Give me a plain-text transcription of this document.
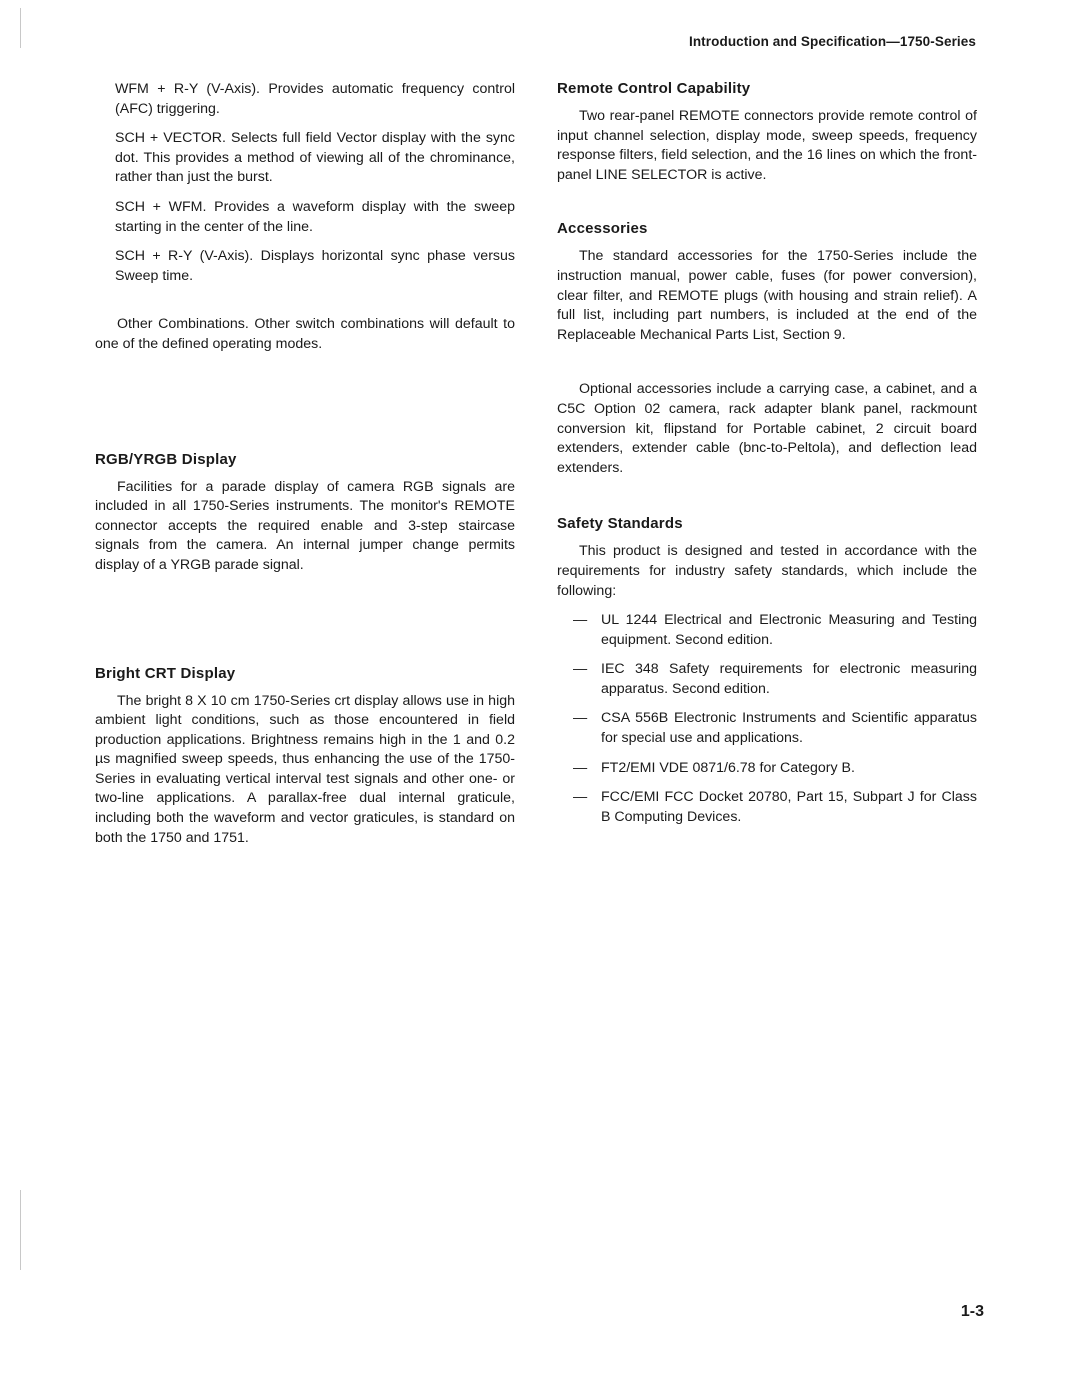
Introduction and Specification—1750-Series

WFM + R-Y (V-Axis). Provides automatic frequency control (AFC) triggering.

SCH + VECTOR. Selects full field Vector display with the sync dot. This provides a method of viewing all of the chrominance, rather than just the burst.

SCH + WFM. Provides a waveform display with the sweep starting in the center of the line.

SCH + R-Y (V-Axis). Displays horizontal sync phase versus Sweep time.

Other Combinations. Other switch combinations will default to one of the defined operating modes.

RGB/YRGB Display

Facilities for a parade display of camera RGB signals are included in all 1750-Series instruments. The monitor's REMOTE connector accepts the required enable and 3-step staircase signals from the camera. An internal jumper change permits display of a YRGB parade signal.

Bright CRT Display

The bright 8 X 10 cm 1750-Series crt display allows use in high ambient light conditions, such as those encountered in field production applications. Brightness remains high in the 1 and 0.2 µs magnified sweep speeds, thus enhancing the use of the 1750-Series in evaluating vertical interval test signals and other one- or two-line applications. A parallax-free dual internal graticule, including both the waveform and vector graticules, is standard on both the 1750 and 1751.

Remote Control Capability

Two rear-panel REMOTE connectors provide remote control of input channel selection, display mode, sweep speeds, frequency response filters, field selection, and the 16 lines on which the front-panel LINE SELECTOR is active.

Accessories

The standard accessories for the 1750-Series include the instruction manual, power cable, fuses (for power conversion), clear filter, and REMOTE plugs (with housing and strain relief). A full list, including part numbers, is included at the end of the Replaceable Mechanical Parts List, Section 9.

Optional accessories include a carrying case, a cabinet, and a C5C Option 02 camera, rack adapter blank panel, rackmount conversion kit, flipstand for Portable cabinet, 2 circuit board extenders, extender cable (bnc-to-Peltola), and deflection lead extenders.

Safety Standards

This product is designed and tested in accordance with the requirements for industry safety standards, which include the following:

— UL 1244 Electrical and Electronic Measuring and Testing equipment. Second edition.

— IEC 348 Safety requirements for electronic measuring apparatus. Second edition.

— CSA 556B Electronic Instruments and Scientific apparatus for special use and applications.

— FT2/EMI VDE 0871/6.78 for Category B.

— FCC/EMI FCC Docket 20780, Part 15, Subpart J for Class B Computing Devices.

1-3
